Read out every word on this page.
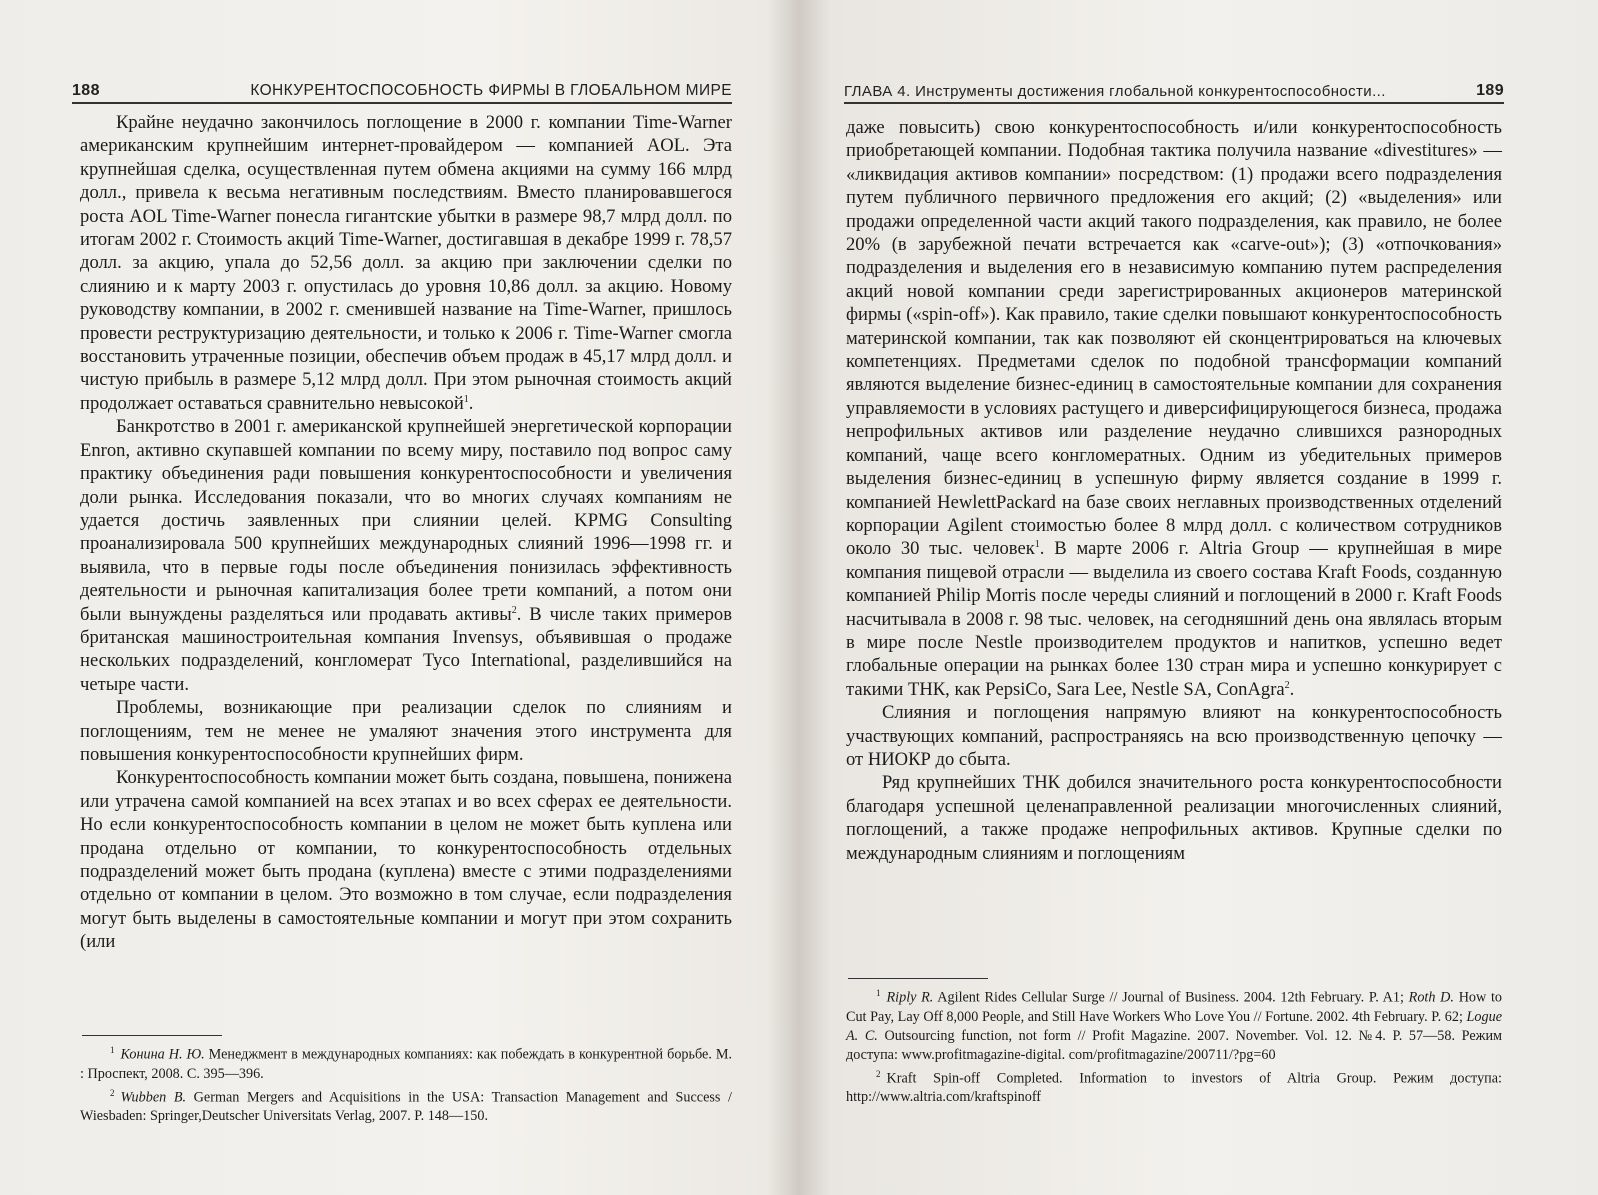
188	КОНКУРЕНТОСПОСОБНОСТЬ ФИРМЫ В ГЛОБАЛЬНОМ МИРЕ

Крайне неудачно закончилось поглощение в 2000 г. компании Time-Warner американским крупнейшим интернет-провайдером — компанией AOL. Эта крупнейшая сделка, осуществленная путем обмена акциями на сумму 166 млрд долл., привела к весьма негативным последствиям. Вместо планировавшегося роста AOL Time-Warner понесла гигантские убытки в размере 98,7 млрд долл. по итогам 2002 г. Стоимость акций Time-Warner, достигавшая в декабре 1999 г. 78,57 долл. за акцию, упала до 52,56 долл. за акцию при заключении сделки по слиянию и к марту 2003 г. опустилась до уровня 10,86 долл. за акцию. Новому руководству компании, в 2002 г. сменившей название на Time-Warner, пришлось провести реструктуризацию деятельности, и только к 2006 г. Time-Warner смогла восстановить утраченные позиции, обеспечив объем продаж в 45,17 млрд долл. и чистую прибыль в размере 5,12 млрд долл. При этом рыночная стоимость акций продолжает оставаться сравнительно невысокой$^1$.

Банкротство в 2001 г. американской крупнейшей энергетической корпорации Enron, активно скупавшей компании по всему миру, поставило под вопрос саму практику объединения ради повышения конкурентоспособности и увеличения доли рынка. Исследования показали, что во многих случаях компаниям не удается достичь заявленных при слиянии целей. KPMG Consulting проанализировала 500 крупнейших международных слияний 1996—1998 гг. и выявила, что в первые годы после объединения понизилась эффективность деятельности и рыночная капитализация более трети компаний, а потом они были вынуждены разделяться или продавать активы$^2$. В числе таких примеров британская машиностроительная компания Invensys, объявившая о продаже нескольких подразделений, конгломерат Tyco International, разделившийся на четыре части.

Проблемы, возникающие при реализации сделок по слияниям и поглощениям, тем не менее не умаляют значения этого инструмента для повышения конкурентоспособности крупнейших фирм.

Конкурентоспособность компании может быть создана, повышена, понижена или утрачена самой компанией на всех этапах и во всех сферах ее деятельности. Но если конкурентоспособность компании в целом не может быть куплена или продана отдельно от компании, то конкурентоспособность отдельных подразделений может быть продана (куплена) вместе с этими подразделениями отдельно от компании в целом. Это возможно в том случае, если подразделения могут быть выделены в самостоятельные компании и могут при этом сохранить (или

$^1$ Конина Н. Ю. Менеджмент в международных компаниях: как побеждать в конкурентной борьбе. М. : Проспект, 2008. С. 395—396.

$^2$ Wubben B. German Mergers and Acquisitions in the USA: Transaction Management and Success / Wiesbaden: Springer,Deutscher Universitats Verlag, 2007. P. 148—150.

ГЛАВА 4. Инструменты достижения глобальной конкурентоспособности...	189

даже повысить) свою конкурентоспособность и/или конкурентоспособность приобретающей компании. Подобная тактика получила название «divestitures» — «ликвидация активов компании» посредством: (1) продажи всего подразделения путем публичного первичного предложения его акций; (2) «выделения» или продажи определенной части акций такого подразделения, как правило, не более 20% (в зарубежной печати встречается как «carve-out»); (3) «отпочкования» подразделения и выделения его в независимую компанию путем распределения акций новой компании среди зарегистрированных акционеров материнской фирмы («spin-off»). Как правило, такие сделки повышают конкурентоспособность материнской компании, так как позволяют ей сконцентрироваться на ключевых компетенциях. Предметами сделок по подобной трансформации компаний являются выделение бизнес-единиц в самостоятельные компании для сохранения управляемости в условиях растущего и диверсифицирующегося бизнеса, продажа непрофильных активов или разделение неудачно слившихся разнородных компаний, чаще всего конгломератных. Одним из убедительных примеров выделения бизнес-единиц в успешную фирму является создание в 1999 г. компанией HewlettPackard на базе своих неглавных производственных отделений корпорации Agilent стоимостью более 8 млрд долл. с количеством сотрудников около 30 тыс. человек$^1$. В марте 2006 г. Altria Group — крупнейшая в мире компания пищевой отрасли — выделила из своего состава Kraft Foods, созданную компанией Philip Morris после череды слияний и поглощений в 2000 г. Kraft Foods насчитывала в 2008 г. 98 тыс. человек, на сегодняшний день она являлась вторым в мире после Nestle производителем продуктов и напитков, успешно ведет глобальные операции на рынках более 130 стран мира и успешно конкурирует с такими ТНК, как PepsiCo, Sara Lee, Nestle SA, ConAgra$^2$.

Слияния и поглощения напрямую влияют на конкурентоспособность участвующих компаний, распространяясь на всю производственную цепочку — от НИОКР до сбыта.

Ряд крупнейших ТНК добился значительного роста конкурентоспособности благодаря успешной целенаправленной реализации многочисленных слияний, поглощений, а также продаже непрофильных активов. Крупные сделки по международным слияниям и поглощениям

$^1$ Riply R. Agilent Rides Cellular Surge // Journal of Business. 2004. 12th February. P. A1; Roth D. How to Cut Pay, Lay Off 8,000 People, and Still Have Workers Who Love You // Fortune. 2002. 4th February. P. 62; Logue A. C. Outsourcing function, not form // Profit Magazine. 2007. November. Vol. 12. №4. P. 57—58. Режим доступа: www.profitmagazine-digital. com/profitmagazine/200711/?pg=60

$^2$ Kraft Spin-off Completed. Information to investors of Altria Group. Режим доступа: http://www.altria.com/kraftspinoff
